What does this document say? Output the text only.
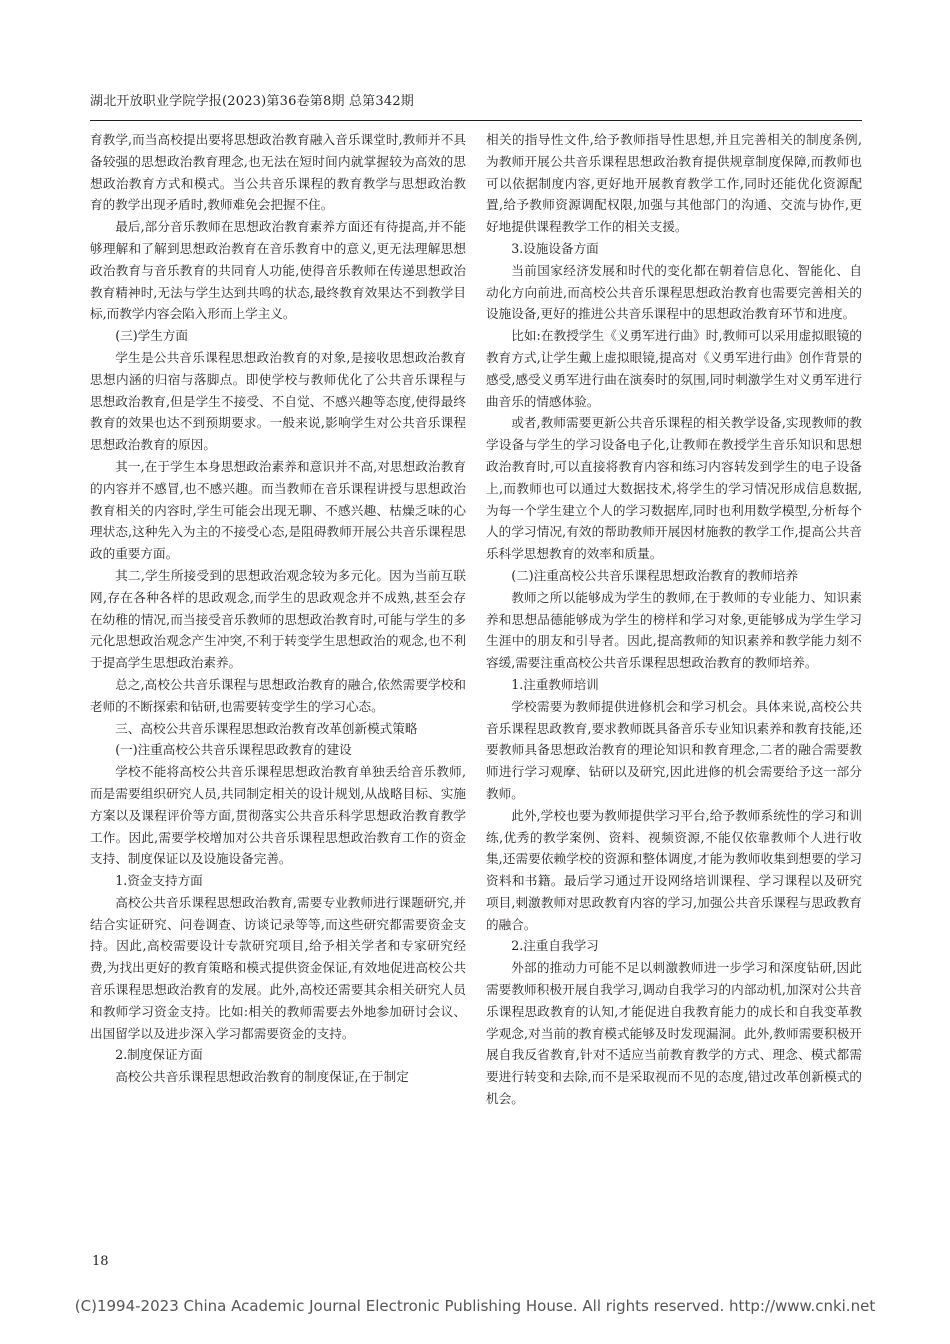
湖北开放职业学院学报(2023)第36卷第8期 总第342期

育教学,而当高校提出要将思想政治教育融入音乐课堂时,教师并不具备较强的思想政治教育理念,也无法在短时间内就掌握较为高效的思想政治教育方式和模式。当公共音乐课程的教育教学与思想政治教育的教学出现矛盾时,教师难免会把握不住。

最后,部分音乐教师在思想政治教育素养方面还有待提高,并不能够理解和了解到思想政治教育在音乐教育中的意义,更无法理解思想政治教育与音乐教育的共同育人功能,使得音乐教师在传递思想政治教育精神时,无法与学生达到共鸣的状态,最终教育效果达不到教学目标,而教学内容会陷入形而上学主义。

(三)学生方面

学生是公共音乐课程思想政治教育的对象,是接收思想政治教育思想内涵的归宿与落脚点。即使学校与教师优化了公共音乐课程与思想政治教育,但是学生不接受、不自觉、不感兴趣等态度,使得最终教育的效果也达不到预期要求。一般来说,影响学生对公共音乐课程思想政治教育的原因。

其一,在于学生本身思想政治素养和意识并不高,对思想政治教育的内容并不感冒,也不感兴趣。而当教师在音乐课程讲授与思想政治教育相关的内容时,学生可能会出现无聊、不感兴趣、枯燥乏味的心理状态,这种先入为主的不接受心态,是阻碍教师开展公共音乐课程思政的重要方面。

其二,学生所接受到的思想政治观念较为多元化。因为当前互联网,存在各种各样的思政观念,而学生的思政观念并不成熟,甚至会存在幼稚的情况,而当接受音乐教师的思想政治教育时,可能与学生的多元化思想政治观念产生冲突,不利于转变学生思想政治的观念,也不利于提高学生思想政治素养。

总之,高校公共音乐课程与思想政治教育的融合,依然需要学校和老师的不断探索和钻研,也需要转变学生的学习心态。

三、高校公共音乐课程思想政治教育改革创新模式策略

(一)注重高校公共音乐课程思政教育的建设

学校不能将高校公共音乐课程思想政治教育单独丢给音乐教师,而是需要组织研究人员,共同制定相关的设计规划,从战略目标、实施方案以及课程评价等方面,贯彻落实公共音乐科学思想政治教育教学工作。因此,需要学校增加对公共音乐课程思想政治教育工作的资金支持、制度保证以及设施设备完善。

1.资金支持方面

高校公共音乐课程思想政治教育,需要专业教师进行课题研究,并结合实证研究、问卷调查、访谈记录等等,而这些研究都需要资金支持。因此,高校需要设计专款研究项目,给予相关学者和专家研究经费,为找出更好的教育策略和模式提供资金保证,有效地促进高校公共音乐课程思想政治教育的发展。此外,高校还需要其余相关研究人员和教师学习资金支持。比如:相关的教师需要去外地参加研讨会议、出国留学以及进步深入学习都需要资金的支持。

2.制度保证方面

高校公共音乐课程思想政治教育的制度保证,在于制定

相关的指导性文件,给予教师指导性思想,并且完善相关的制度条例,为教师开展公共音乐课程思想政治教育提供规章制度保障,而教师也可以依据制度内容,更好地开展教育教学工作,同时还能优化资源配置,给予教师资源调配权限,加强与其他部门的沟通、交流与协作,更好地提供课程教学工作的相关支援。

3.设施设备方面

当前国家经济发展和时代的变化都在朝着信息化、智能化、自动化方向前进,而高校公共音乐课程思想政治教育也需要完善相关的设施设备,更好的推进公共音乐课程中的思想政治教育环节和进度。

比如:在教授学生《义勇军进行曲》时,教师可以采用虚拟眼镜的教育方式,让学生戴上虚拟眼镜,提高对《义勇军进行曲》创作背景的感受,感受义勇军进行曲在演奏时的氛围,同时刺激学生对义勇军进行曲音乐的情感体验。

或者,教师需要更新公共音乐课程的相关教学设备,实现教师的教学设备与学生的学习设备电子化,让教师在教授学生音乐知识和思想政治教育时,可以直接将教育内容和练习内容转发到学生的电子设备上,而教师也可以通过大数据技术,将学生的学习情况形成信息数据,为每一个学生建立个人的学习数据库,同时也利用数学模型,分析每个人的学习情况,有效的帮助教师开展因材施教的教学工作,提高公共音乐科学思想教育的效率和质量。

(二)注重高校公共音乐课程思想政治教育的教师培养

教师之所以能够成为学生的教师,在于教师的专业能力、知识素养和思想品德能够成为学生的榜样和学习对象,更能够成为学生学习生涯中的朋友和引导者。因此,提高教师的知识素养和教学能力刻不容缓,需要注重高校公共音乐课程思想政治教育的教师培养。

1.注重教师培训

学校需要为教师提供进修机会和学习机会。具体来说,高校公共音乐课程思政教育,要求教师既具备音乐专业知识素养和教育技能,还要教师具备思想政治教育的理论知识和教育理念,二者的融合需要教师进行学习观摩、钻研以及研究,因此进修的机会需要给予这一部分教师。

此外,学校也要为教师提供学习平台,给予教师系统性的学习和训练,优秀的教学案例、资料、视频资源,不能仅依靠教师个人进行收集,还需要依赖学校的资源和整体调度,才能为教师收集到想要的学习资料和书籍。最后学习通过开设网络培训课程、学习课程以及研究项目,刺激教师对思政教育内容的学习,加强公共音乐课程与思政教育的融合。

2.注重自我学习

外部的推动力可能不足以刺激教师进一步学习和深度钻研,因此需要教师积极开展自我学习,调动自我学习的内部动机,加深对公共音乐课程思政教育的认知,才能促进自我教育能力的成长和自我变革教学观念,对当前的教育模式能够及时发现漏洞。此外,教师需要积极开展自我反省教育,针对不适应当前教育教学的方式、理念、模式都需要进行转变和去除,而不是采取视而不见的态度,错过改革创新模式的机会。

18
(C)1994-2023 China Academic Journal Electronic Publishing House. All rights reserved. http://www.cnki.net
